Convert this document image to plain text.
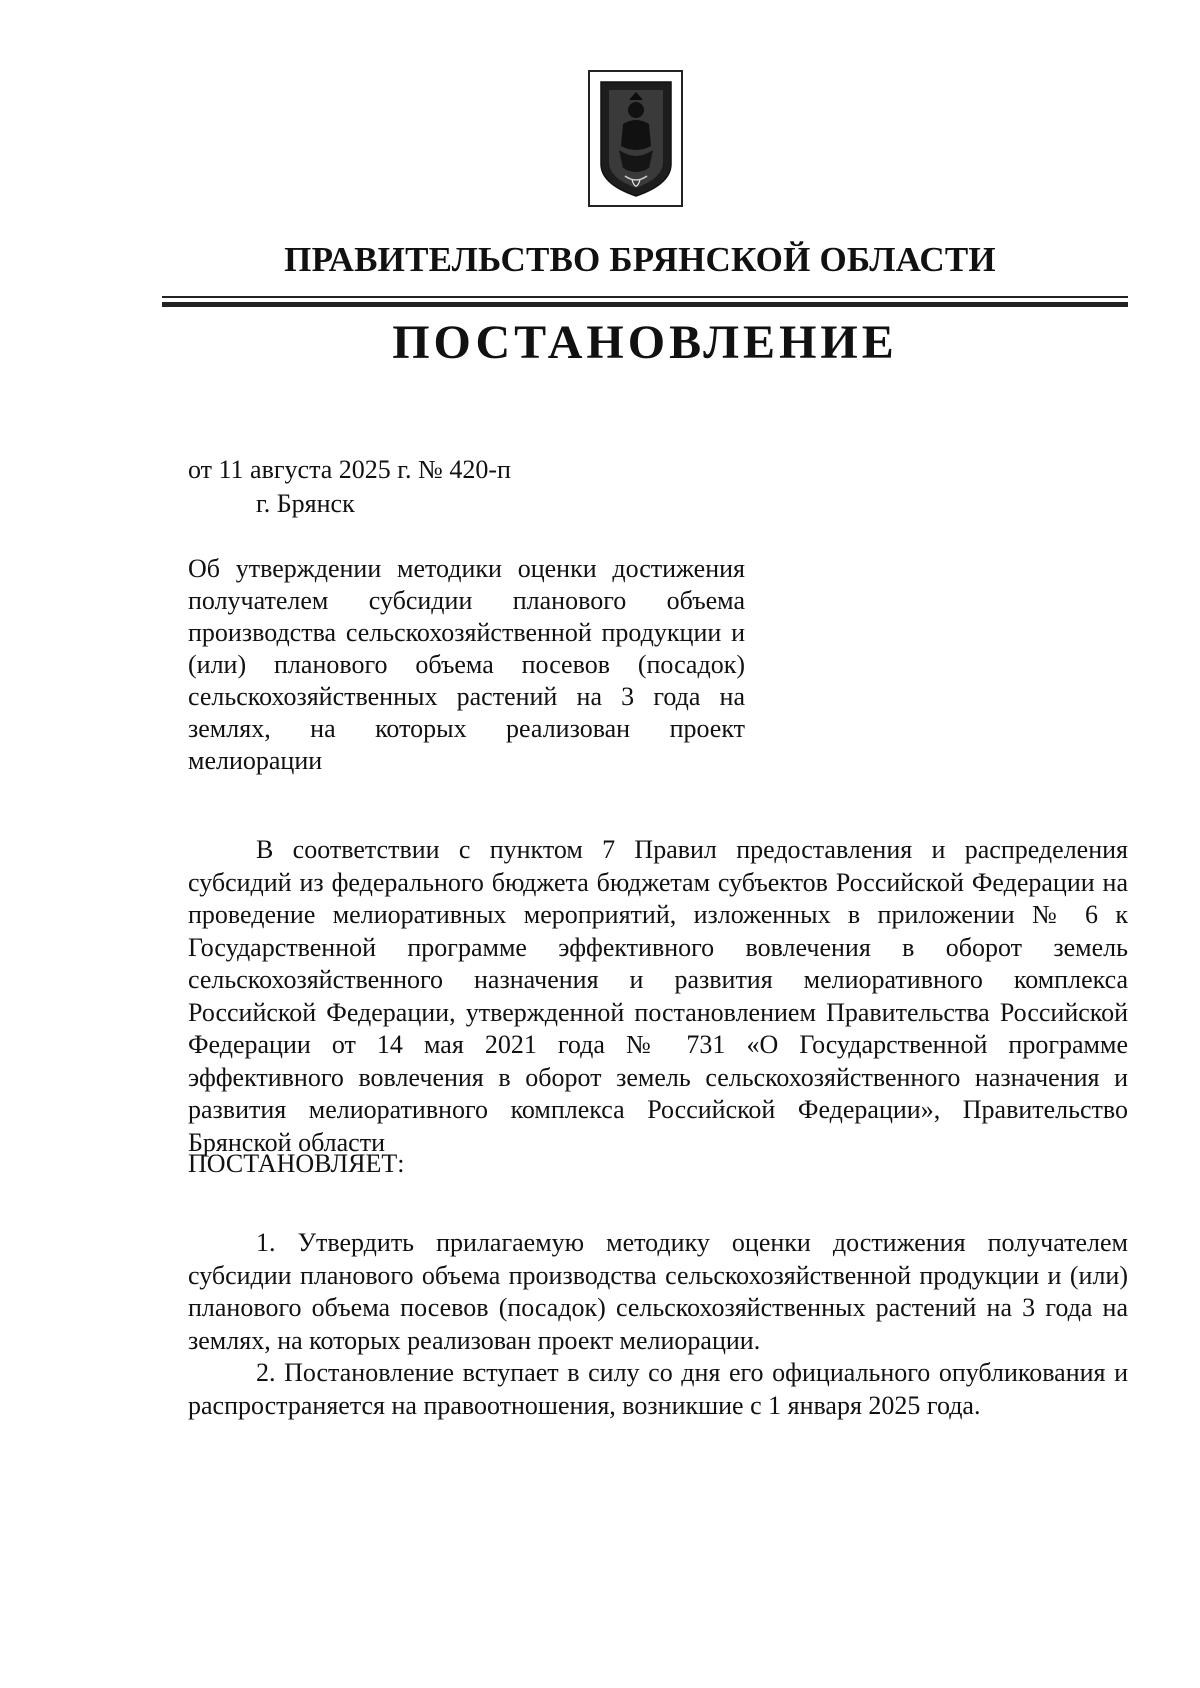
ПРАВИТЕЛЬСТВО БРЯНСКОЙ ОБЛАСТИ
ПОСТАНОВЛЕНИЕ
от 11 августа 2025 г. № 420-п
г. Брянск
Об утверждении методики оценки достижения получателем субсидии планового объема производства сельскохозяйственной продукции и (или) планового объема посевов (посадок) сельскохозяйственных растений на 3 года на землях, на которых реализован проект мелиорации

В соответствии с пунктом 7 Правил предоставления и распределения субсидий из федерального бюджета бюджетам субъектов Российской Федерации на проведение мелиоративных мероприятий, изложенных в приложении № 6 к Государственной программе эффективного вовлечения в оборот земель сельскохозяйственного назначения и развития мелиоративного комплекса Российской Федерации, утвержденной постановлением Правительства Российской Федерации от 14 мая 2021 года № 731 «О Государственной программе эффективного вовлечения в оборот земель сельскохозяйственного назначения и развития мелиоративного комплекса Российской Федерации», Правительство Брянской области

ПОСТАНОВЛЯЕТ:

1. Утвердить прилагаемую методику оценки достижения получателем субсидии планового объема производства сельскохозяйственной продукции и (или) планового объема посевов (посадок) сельскохозяйственных растений на 3 года на землях, на которых реализован проект мелиорации.

2. Постановление вступает в силу со дня его официального опубликования и распространяется на правоотношения, возникшие с 1 января 2025 года.
